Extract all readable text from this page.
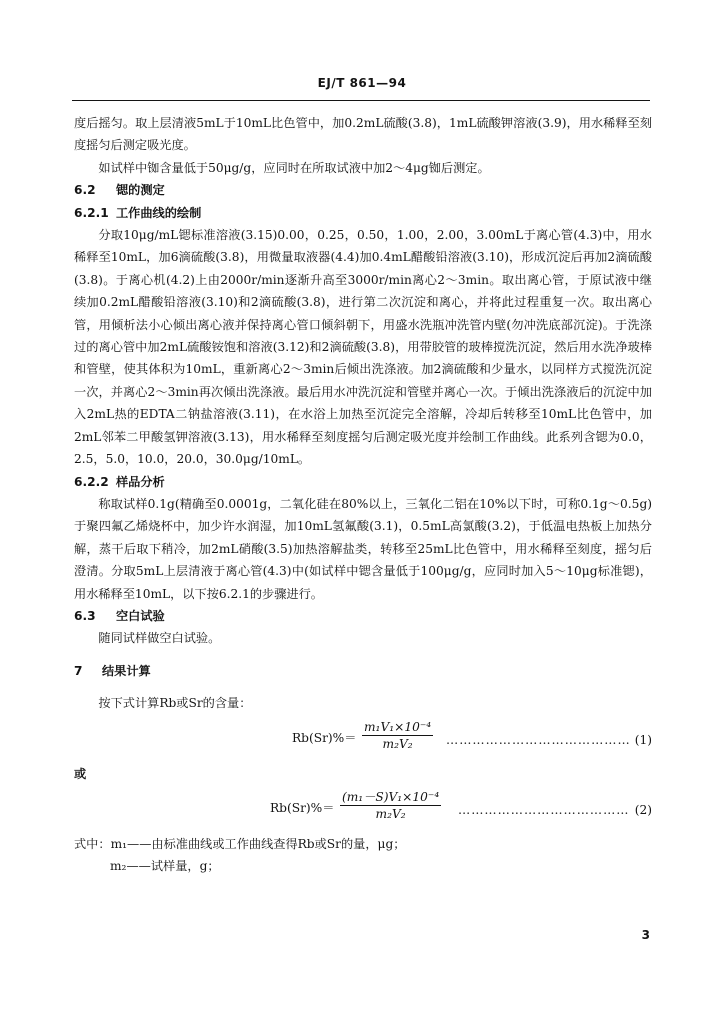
EJ/T 861—94

度后摇匀。取上层清液5mL于10mL比色管中，加0.2mL硫酸(3.8)，1mL硫酸钾溶液(3.9)，用水稀释至刻度摇匀后测定吸光度。

如试样中铷含量低于50μg/g，应同时在所取试液中加2～4μg铷后测定。

6.2 锶的测定

6.2.1 工作曲线的绘制

分取10μg/mL锶标准溶液(3.15)0.00，0.25，0.50，1.00，2.00，3.00mL于离心管(4.3)中，用水稀释至10mL，加6滴硫酸(3.8)，用微量取液器(4.4)加0.4mL醋酸铅溶液(3.10)，形成沉淀后再加2滴硫酸(3.8)。于离心机(4.2)上由2000r/min逐渐升高至3000r/min离心2～3min。取出离心管，于原试液中继续加0.2mL醋酸铅溶液(3.10)和2滴硫酸(3.8)，进行第二次沉淀和离心，并将此过程重复一次。取出离心管，用倾析法小心倾出离心液并保持离心管口倾斜朝下，用盛水洗瓶冲洗管内壁(勿冲洗底部沉淀)。于洗涤过的离心管中加2mL硫酸铵饱和溶液(3.12)和2滴硫酸(3.8)，用带胶管的玻棒搅洗沉淀，然后用水洗净玻棒和管壁，使其体积为10mL，重新离心2～3min后倾出洗涤液。加2滴硫酸和少量水，以同样方式搅洗沉淀一次，并离心2～3min再次倾出洗涤液。最后用水冲洗沉淀和管壁并离心一次。于倾出洗涤液后的沉淀中加入2mL热的EDTA二钠盐溶液(3.11)，在水浴上加热至沉淀完全溶解，冷却后转移至10mL比色管中，加2mL邻苯二甲酸氢钾溶液(3.13)，用水稀释至刻度摇匀后测定吸光度并绘制工作曲线。此系列含锶为0.0，2.5，5.0，10.0，20.0，30.0μg/10mL。

6.2.2 样品分析

称取试样0.1g(精确至0.0001g，二氧化硅在80%以上，三氧化二铝在10%以下时，可称0.1g～0.5g)于聚四氟乙烯烧杯中，加少许水润湿，加10mL氢氟酸(3.1)，0.5mL高氯酸(3.2)，于低温电热板上加热分解，蒸干后取下稍冷，加2mL硝酸(3.5)加热溶解盐类，转移至25mL比色管中，用水稀释至刻度，摇匀后澄清。分取5mL上层清液于离心管(4.3)中(如试样中锶含量低于100μg/g，应同时加入5～10μg标准锶)，用水稀释至10mL，以下按6.2.1的步骤进行。

6.3 空白试验

随同试样做空白试验。

7 结果计算

按下式计算Rb或Sr的含量：

$Rb(Sr)\%= \frac{\text{m₁V₁×10⁻⁴}}{\text{m₂V₂}}$ …………………………………… (1)

或

$Rb(Sr)\%= \frac{\text{(m₁－S)V₁×10⁻⁴}}{\text{m₂V₂}}$ ………………………………… (2)

式中：m₁——由标准曲线或工作曲线查得Rb或Sr的量，μg；

m₂——试样量，g；

3
